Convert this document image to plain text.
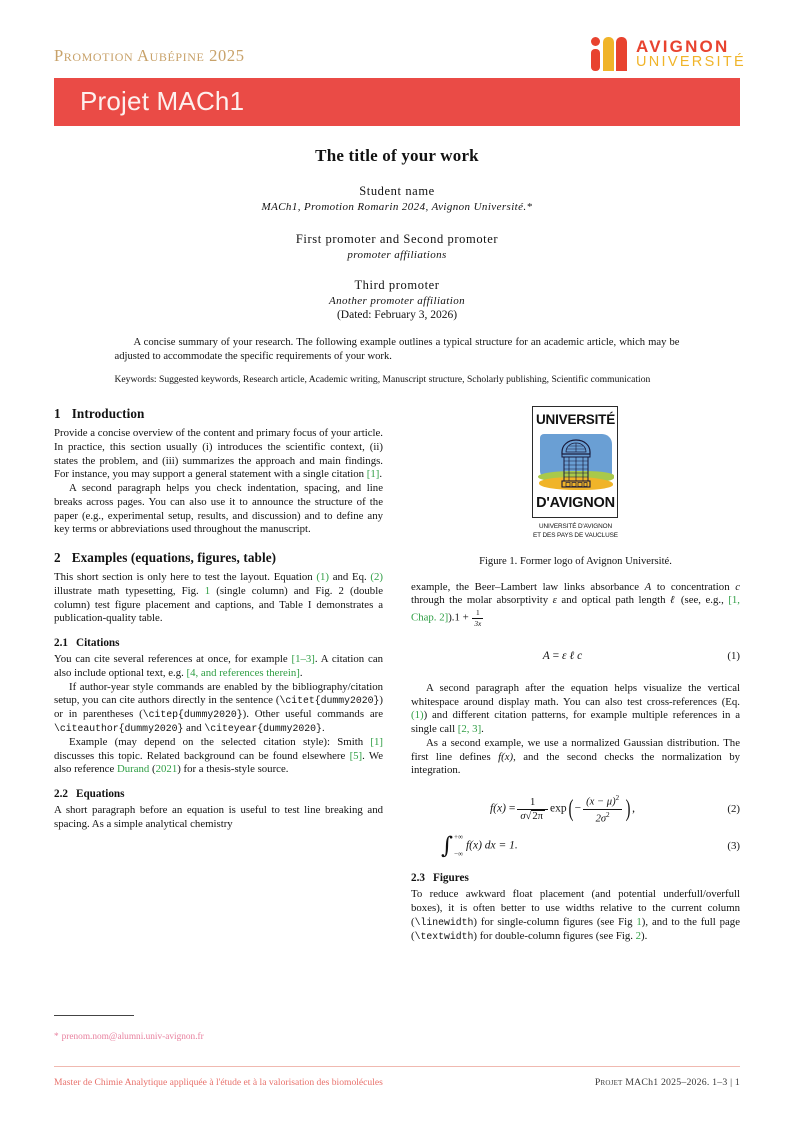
Promotion Aubépine 2025	AVIGNON
UNIVERSITÉ
Projet MACh1
The title of your work
Student name
MACh1, Promotion Romarin 2024, Avignon Université.*
First promoter and Second promoter
promoter affiliations
Third promoter
Another promoter affiliation
(Dated: February 3, 2026)
A concise summary of your research. The following example outlines a typical structure for an academic article, which may be adjusted to accommodate the specific requirements of your work.
Keywords: Suggested keywords, Research article, Academic writing, Manuscript structure, Scholarly publishing, Scientific communication
1 Introduction

Provide a concise overview of the content and primary focus of your article. In practice, this section usually (i) introduces the scientific context, (ii) states the problem, and (iii) summarizes the approach and main findings. For instance, you may support a general statement with a single citation [1].

A second paragraph helps you check indentation, spacing, and line breaks across pages. You can also use it to announce the structure of the paper (e.g., experimental setup, results, and discussion) and to define any key terms or abbreviations used throughout the manuscript.

2 Examples (equations, figures, table)

This short section is only here to test the layout. Equation (1) and Eq. (2) illustrate math typesetting, Fig. 1 (single column) and Fig. 2 (double column) test figure placement and captions, and Table I demonstrates a publication-quality table.

2.1 Citations

You can cite several references at once, for example [1–3]. A citation can also include optional text, e.g. [4, and references therein].

If author-year style commands are enabled by the bibliography/citation setup, you can cite authors directly in the sentence (\citet{dummy2020}) or in parentheses (\citep{dummy2020}). Other useful commands are \citeauthor{dummy2020} and \citeyear{dummy2020}.

Example (may depend on the selected citation style): Smith [1] discusses this topic. Related background can be found elsewhere [5]. We also reference Durand (2021) for a thesis-style source.

2.2 Equations

A short paragraph before an equation is useful to test line breaking and spacing. As a simple analytical chemistry

UNIVERSITÉ
D'AVIGNON
UNIVERSITÉ D'AVIGNON
ET DES PAYS DE VAUCLUSE
Figure 1. Former logo of Avignon Université.

example, the Beer–Lambert law links absorbance A to concentration c through the molar absorptivity ε and optical path length ℓ (see, e.g., [1, Chap. $2]).1 + \frac{1}{3x}$

A = ε ℓ c	(1)

A second paragraph after the equation helps visualize the vertical whitespace around display math. You can also test cross-references (Eq. (1)) and different citation patterns, for example multiple references in a single call [2, 3].

As a second example, we use a normalized Gaussian distribution. The first line defines f(x), and the second checks the normalization by integration.

$f(x) = \frac{1}{\sigma√2\pi} \exp( - \frac{(x - \mu)^2}{2\sigma^2}$ ) ,	(2)
∫ +∞
−∞
f(x) dx = 1.	(3)
2.3 Figures

To reduce awkward float placement (and potential underfull/overfull boxes), it is often better to use widths relative to the current column (\linewidth) for single-column figures (see Fig 1), and to the full page (\textwidth) for double-column figures (see Fig. 2).

* prenom.nom@alumni.univ-avignon.fr
Master de Chimie Analytique appliquée à l'étude et à la valorisation des biomolécules	Projet MACh1 2025–2026. 1–3 | 1
